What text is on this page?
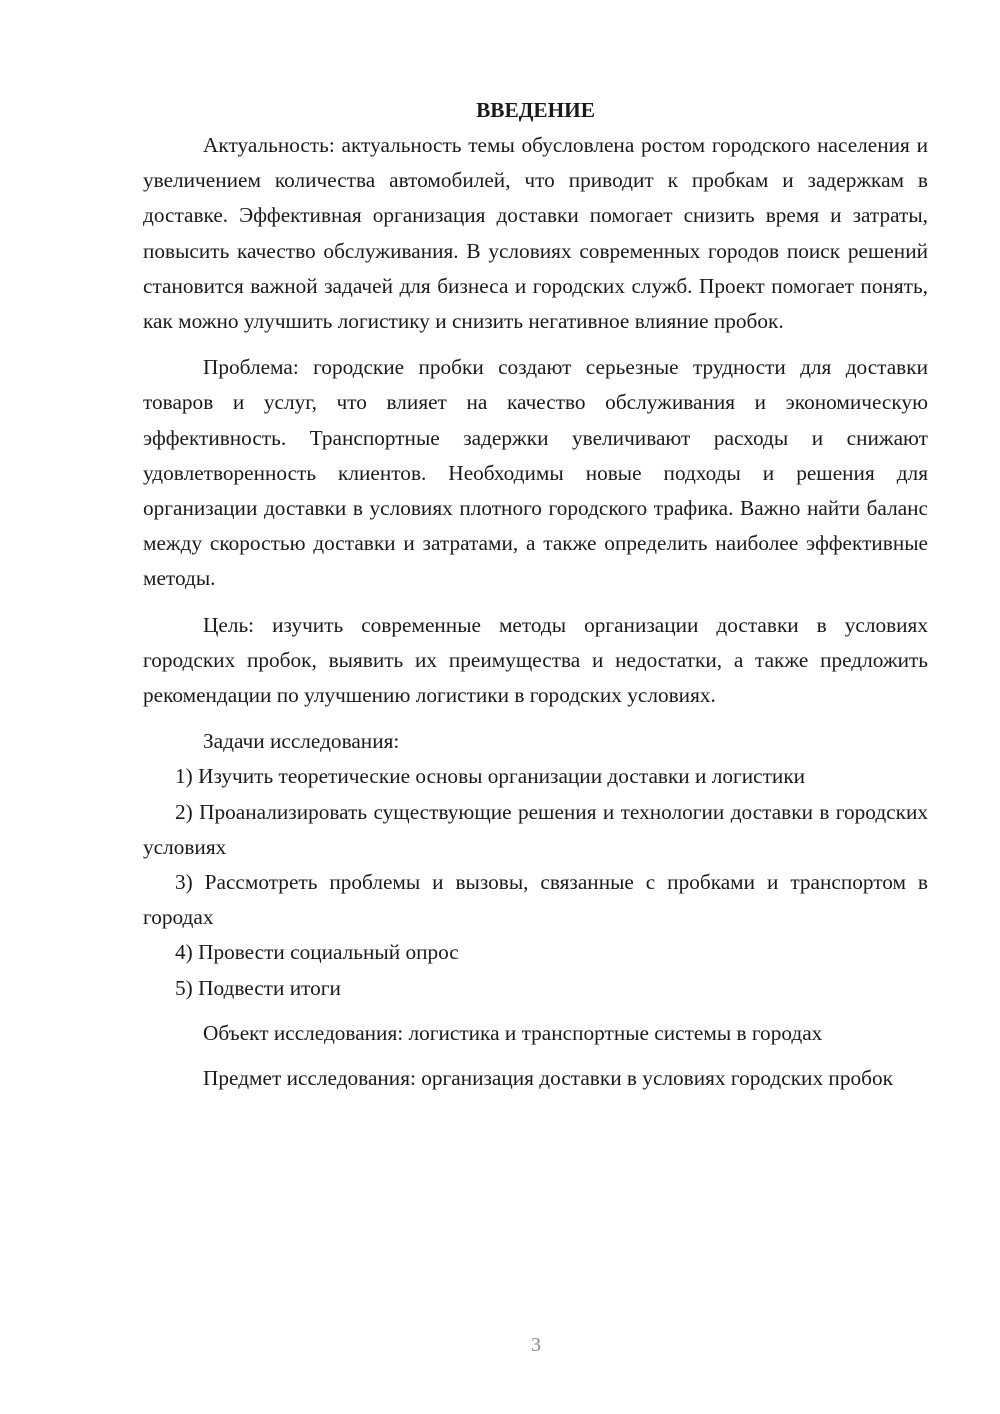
ВВЕДЕНИЕ

Актуальность: актуальность темы обусловлена ростом городского населения и увеличением количества автомобилей, что приводит к пробкам и задержкам в доставке. Эффективная организация доставки помогает снизить время и затраты, повысить качество обслуживания. В условиях современных городов поиск решений становится важной задачей для бизнеса и городских служб. Проект помогает понять, как можно улучшить логистику и снизить негативное влияние пробок.

Проблема: городские пробки создают серьезные трудности для доставки товаров и услуг, что влияет на качество обслуживания и экономическую эффективность. Транспортные задержки увеличивают расходы и снижают удовлетворенность клиентов. Необходимы новые подходы и решения для организации доставки в условиях плотного городского трафика. Важно найти баланс между скоростью доставки и затратами, а также определить наиболее эффективные методы.

Цель: изучить современные методы организации доставки в условиях городских пробок, выявить их преимущества и недостатки, а также предложить рекомендации по улучшению логистики в городских условиях.

Задачи исследования:

1) Изучить теоретические основы организации доставки и логистики

2) Проанализировать существующие решения и технологии доставки в городских условиях

3) Рассмотреть проблемы и вызовы, связанные с пробками и транспортом в городах

4) Провести социальный опрос

5) Подвести итоги

Объект исследования: логистика и транспортные системы в городах

Предмет исследования: организация доставки в условиях городских пробок

3
